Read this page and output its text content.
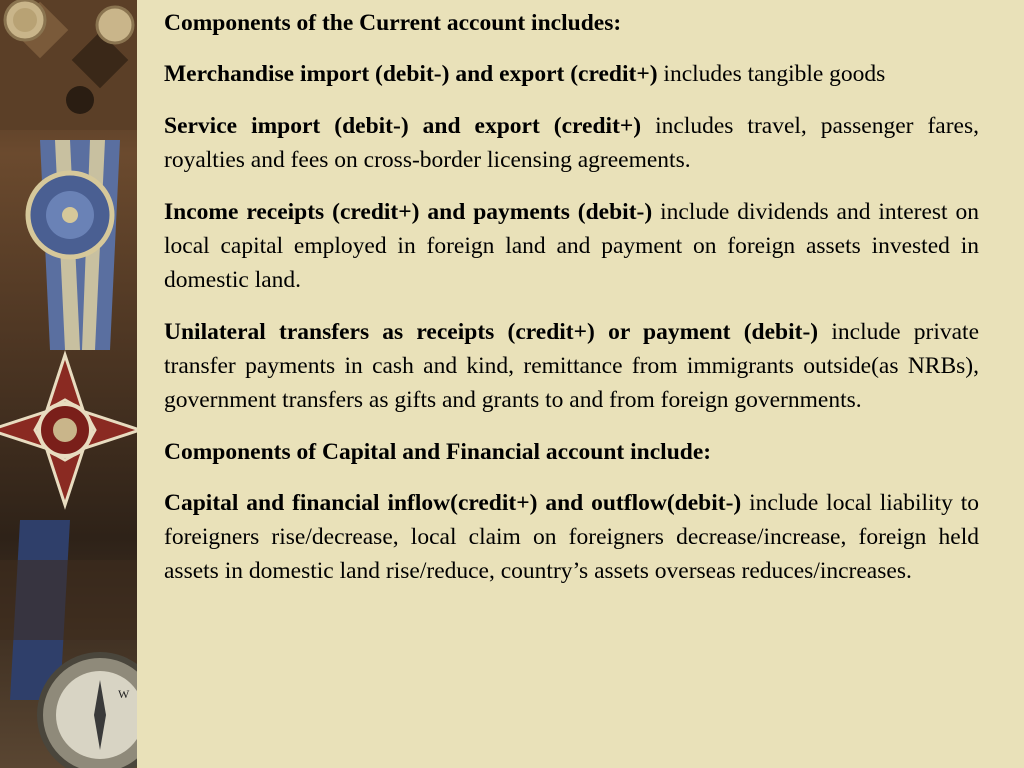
W

Components of the Current account includes:

Merchandise import (debit-) and export (credit+) includes tangible goods

Service import (debit-) and export (credit+) includes travel, passenger fares, royalties and fees on cross-border licensing agreements.

Income receipts (credit+) and payments (debit-) include dividends and interest on local capital employed in foreign land and payment on foreign assets invested in domestic land.

Unilateral transfers as receipts (credit+) or payment (debit-) include private transfer payments in cash and kind, remittance from immigrants outside(as NRBs), government transfers as gifts and grants to and from foreign governments.

Components of Capital and Financial account include:

Capital and financial inflow(credit+) and outflow(debit-) include local liability to foreigners rise/decrease, local claim on foreigners decrease/increase, foreign held assets in domestic land rise/reduce, country’s assets overseas reduces/increases.
